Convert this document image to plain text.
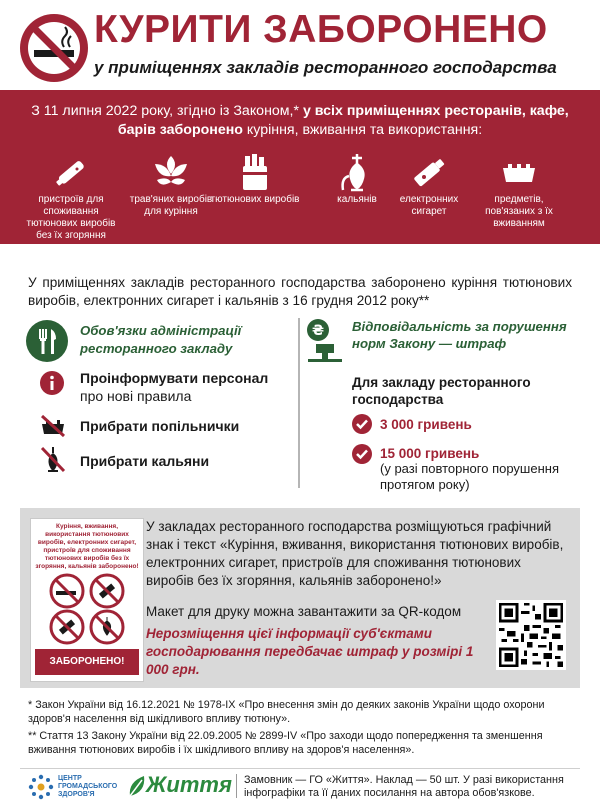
КУРИТИ ЗАБОРОНЕНО
у приміщеннях закладів ресторанного господарства
З 11 липня 2022 року, згідно із Законом,* у всіх приміщеннях ресторанів, кафе, барів заборонено куріння, вживання та використання:
пристроїв для споживання тютюнових виробів без їх згоряння
трав'яних виробів для куріння
тютюнових виробів	кальянів	електронних сигарет
предметів, пов'язаних з їх вживанням
У приміщеннях закладів ресторанного господарства заборонено куріння тютюнових виробів, електронних сигарет і кальянів з 16 грудня 2012 року**
Обов'язки адміністрації ресторанного закладу
Проінформувати персонал про нові правила
Прибрати попільнички
Прибрати кальяни
₴ Відповідальність за порушення норм Закону — штраф
Для закладу ресторанного господарства
3 000 гривень
15 000 гривень
(у разі повторного порушення протягом року)
Куріння, вживання, використання тютюнових виробів, електронних сигарет, пристроїв для споживання тютюнових виробів без їх згоряння, кальянів заборонено!
ЗАБОРОНЕНО!
У закладах ресторанного господарства розміщуються графічний знак і текст «Куріння, вживання, використання тютюнових виробів, електронних сигарет, пристроїв для споживання тютюнових виробів без їх згоряння, кальянів заборонено!»
Макет для друку можна завантажити за QR-кодом
Нерозміщення цієї інформації суб'єктами господарювання передбачає штраф у розмірі 1 000 грн.
* Закон України від 16.12.2021 № 1978-IX «Про внесення змін до деяких законів України щодо охорони здоров'я населення від шкідливого впливу тютюну».
** Стаття 13 Закону України від 22.09.2005 № 2899-IV «Про заходи щодо попередження та зменшення вживання тютюнових виробів і їх шкідливого впливу на здоров'я населення».
ЦЕНТР ГРОМАДСЬКОГО ЗДОРОВ'Я	Життя	Замовник — ГО «Життя». Наклад — 50 шт. У разі використання інфографіки та її даних посилання на автора обов'язкове.
